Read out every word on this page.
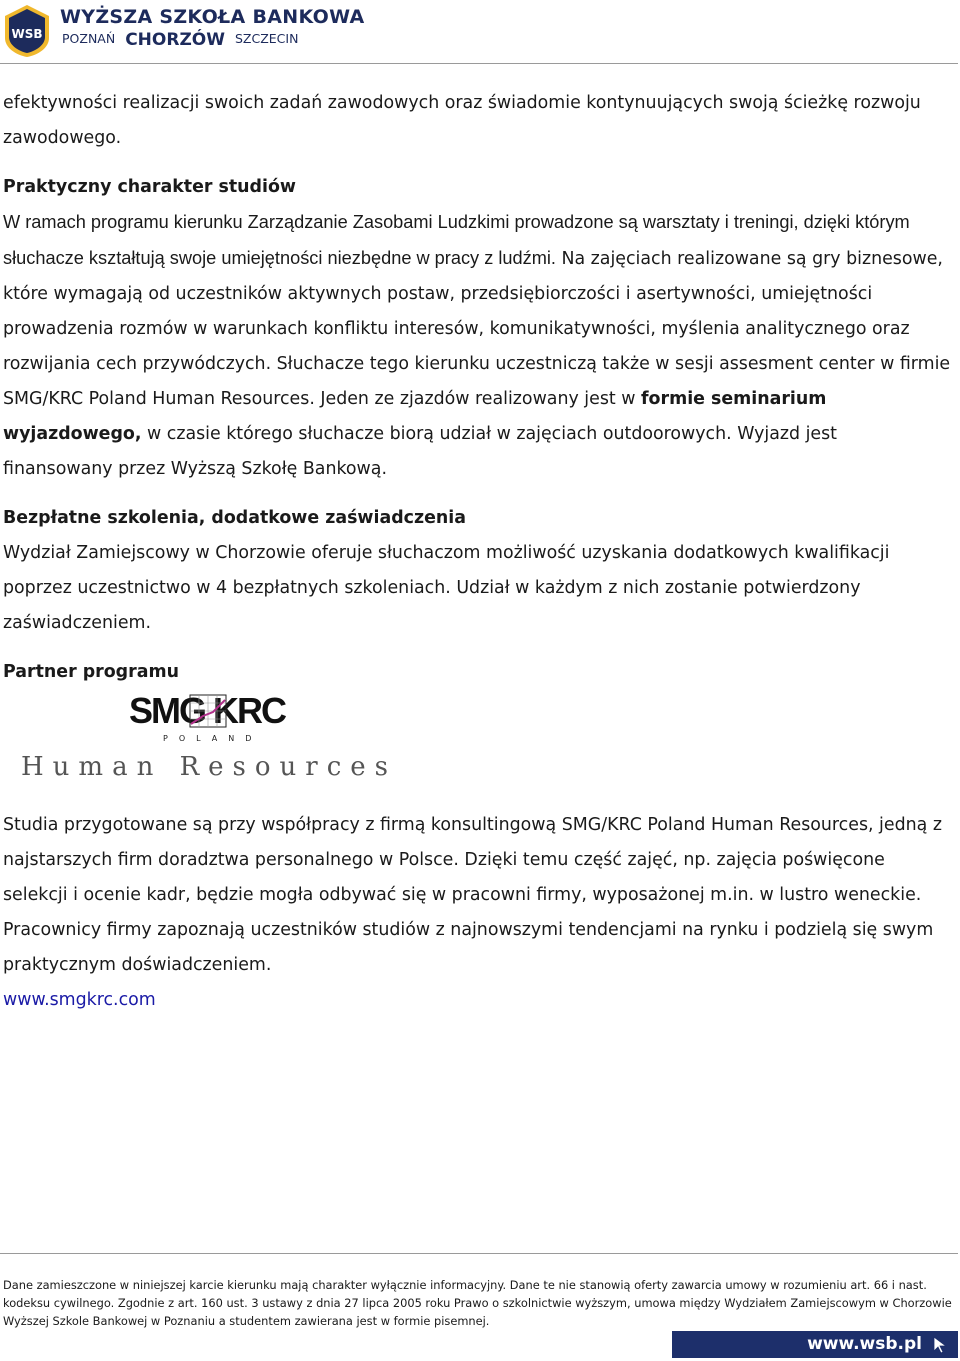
WSB
WYŻSZA SZKOŁA BANKOWA
POZNAŃ CHORZÓW SZCZECIN

efektywności realizacji swoich zadań zawodowych oraz świadomie kontynuujących swoją ścieżkę rozwoju zawodowego.

Praktyczny charakter studiów

W ramach programu kierunku Zarządzanie Zasobami Ludzkimi prowadzone są warsztaty i treningi, dzięki którym słuchacze kształtują swoje umiejętności niezbędne w pracy z ludźmi. Na zajęciach realizowane są gry biznesowe, które wymagają od uczestników aktywnych postaw, przedsiębiorczości i asertywności, umiejętności prowadzenia rozmów w warunkach konfliktu interesów, komunikatywności, myślenia analitycznego oraz rozwijania cech przywódczych. Słuchacze tego kierunku uczestniczą także w sesji assesment center w firmie SMG/KRC Poland Human Resources. Jeden ze zjazdów realizowany jest w formie seminarium wyjazdowego, w czasie którego słuchacze biorą udział w zajęciach outdoorowych. Wyjazd jest finansowany przez Wyższą Szkołę Bankową.

Bezpłatne szkolenia, dodatkowe zaświadczenia

Wydział Zamiejscowy w Chorzowie oferuje słuchaczom możliwość uzyskania dodatkowych kwalifikacji poprzez uczestnictwo w 4 bezpłatnych szkoleniach. Udział w każdym z nich zostanie potwierdzony zaświadczeniem.

Partner programu

SMG KRC
POLAND
Human Resources

Studia przygotowane są przy współpracy z firmą konsultingową SMG/KRC Poland Human Resources, jedną z najstarszych firm doradztwa personalnego w Polsce. Dzięki temu część zajęć, np. zajęcia poświęcone selekcji i ocenie kadr, będzie mogła odbywać się w pracowni firmy, wyposażonej m.in. w lustro weneckie. Pracownicy firmy zapoznają uczestników studiów z najnowszymi tendencjami na rynku i podzielą się swym praktycznym doświadczeniem.

www.smgkrc.com

Dane zamieszczone w niniejszej karcie kierunku mają charakter wyłącznie informacyjny. Dane te nie stanowią oferty zawarcia umowy w rozumieniu art. 66 i nast. kodeksu cywilnego. Zgodnie z art. 160 ust. 3 ustawy z dnia 27 lipca 2005 roku Prawo o szkolnictwie wyższym, umowa między Wydziałem Zamiejscowym w Chorzowie Wyższej Szkole Bankowej w Poznaniu a studentem zawierana jest w formie pisemnej.
www.wsb.pl
